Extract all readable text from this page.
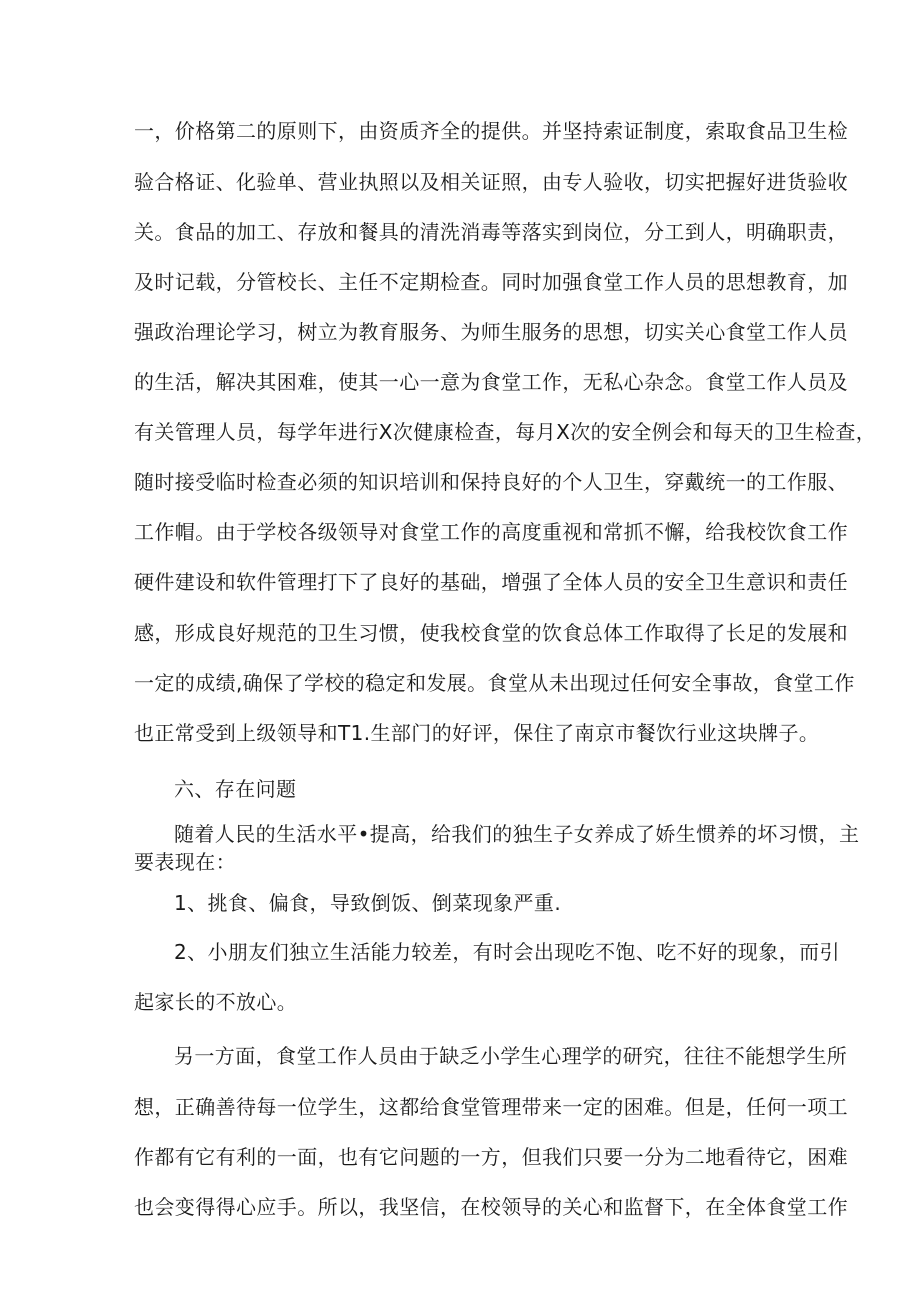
一，价格第二的原则下，由资质齐全的提供。并坚持索证制度，索取食品卫生检
验合格证、化验单、营业执照以及相关证照，由专人验收，切实把握好进货验收
关。食品的加工、存放和餐具的清洗消毒等落实到岗位，分工到人，明确职责，
及时记载，分管校长、主任不定期检查。同时加强食堂工作人员的思想教育，加
强政治理论学习，树立为教育服务、为师生服务的思想，切实关心食堂工作人员
的生活，解决其困难，使其一心一意为食堂工作，无私心杂念。食堂工作人员及
有关管理人员，每学年进行X次健康检查，每月X次的安全例会和每天的卫生检查，
随时接受临时检查必须的知识培训和保持良好的个人卫生，穿戴统一的工作服、
工作帽。由于学校各级领导对食堂工作的高度重视和常抓不懈，给我校饮食工作
硬件建设和软件管理打下了良好的基础，增强了全体人员的安全卫生意识和责任
感，形成良好规范的卫生习惯，使我校食堂的饮食总体工作取得了长足的发展和
一定的成绩,确保了学校的稳定和发展。食堂从未出现过任何安全事故，食堂工作
也正常受到上级领导和T1.生部门的好评，保住了南京市餐饮行业这块牌子。
六、存在问题
随着人民的生活水平•提高，给我们的独生子女养成了娇生惯养的坏习惯，主
要表现在：
1、挑食、偏食，导致倒饭、倒菜现象严重.
2、小朋友们独立生活能力较差，有时会出现吃不饱、吃不好的现象，而引
起家长的不放心。
另一方面，食堂工作人员由于缺乏小学生心理学的研究，往往不能想学生所
想，正确善待每一位学生，这都给食堂管理带来一定的困难。但是，任何一项工
作都有它有利的一面，也有它问题的一方，但我们只要一分为二地看待它，困难
也会变得得心应手。所以，我坚信，在校领导的关心和监督下，在全体食堂工作
